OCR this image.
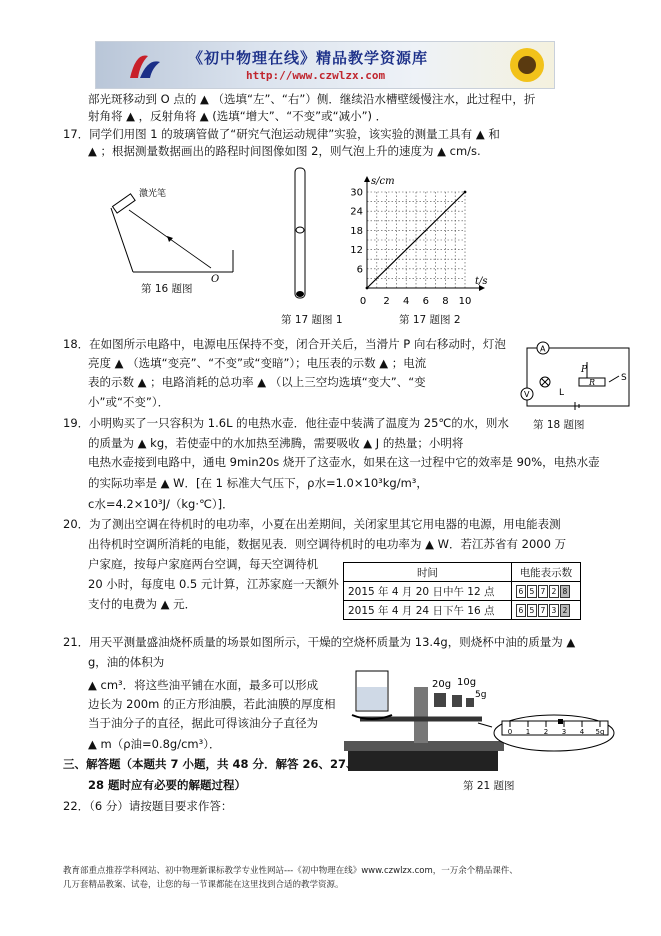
《初中物理在线》精品教学资源库
http://www.czwlzx.com
部光斑移动到 O 点的 ▲ （选填“左”、“右”）侧．继续沿水槽壁缓慢注水，此过程中，折
射角将 ▲ ，反射角将 ▲ (选填“增大”、“不变”或“减小”) ．
17．同学们用图 1 的玻璃管做了“研究气泡运动规律”实验，该实验的测量工具有 ▲ 和
▲ ；根据测量数据画出的路程时间图像如图 2，则气泡上升的速度为 ▲ cm/s.
激光笔
O
第 16 题图
第 17 题图 1
6
12
18
24
30
0 2 4 6 8 10
s/cm
t/s
第 17 题图 2
18．在如图所示电路中，电源电压保持不变，闭合开关后，当滑片 P 向右移动时，灯泡
亮度 ▲ （选填“变亮”、“不变”或“变暗”）；电压表的示数 ▲ ；电流
表的示数 ▲ ；电路消耗的总功率 ▲ （以上三空均选填“变大”、“变
小”或“不变”）．
A
V	L
R
P
S
第 18 题图
19．小明购买了一只容积为 1.6L 的电热水壶．他往壶中装满了温度为 25℃的水，则水
的质量为 ▲ kg，若使壶中的水加热至沸腾，需要吸收 ▲ J 的热量；小明将
电热水壶接到电路中，通电 9min20s 烧开了这壶水，如果在这一过程中它的效率是 90%，电热水壶
的实际功率是 ▲ W．[在 1 标准大气压下，ρ水=1.0×10³kg/m³，
c水=4.2×10³J/（kg·℃）]．
20．为了测出空调在待机时的电功率，小夏在出差期间，关闭家里其它用电器的电源，用电能表测
出待机时空调所消耗的电能，数据见表．则空调待机时的电功率为 ▲ W．若江苏省有 2000 万
户家庭，按每户家庭两台空调，每天空调待机
20 小时，每度电 0.5 元计算，江苏家庭一天额外
支付的电费为 ▲ 元．
时间	电能表示数
2015 年 4 月 20 日中午 12 点	6 5 7 2 8
2015 年 4 月 24 日下午 16 点	6 5 7 3 2
21．用天平测量盛油烧杯质量的场景如图所示，干燥的空烧杯质量为 13.4g，则烧杯中油的质量为 ▲
g，油的体积为
▲ cm³．将这些油平铺在水面，最多可以形成
边长为 200m 的正方形油膜，若此油膜的厚度相
当于油分子的直径，据此可得该油分子直径为
▲ m（ρ油=0.8g/cm³）．
20g 10g
5g
0 1 2 3 4 5g
第 21 题图
三、解答题（本题共 7 小题，共 48 分．解答 26、27、
28 题时应有必要的解题过程）
22．（6 分）请按题目要求作答：
教育部重点推荐学科网站、初中物理新课标教学专业性网站---《初中物理在线》www.czwlzx.com，一万余个精品课件、
几万套精品教案、试卷，让您的每一节课都能在这里找到合适的教学资源。
